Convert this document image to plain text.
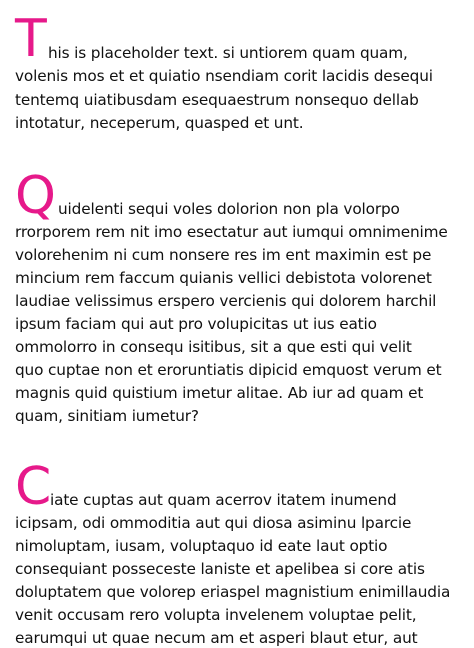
T his is placeholder text. si untiorem quam quam,
volenis mos et et quiatio nsendiam corit lacidis desequi
tentemq uiatibusdam esequaestrum nonsequo dellab
intotatur, neceperum, quasped et unt.
Q uidelenti sequi voles dolorion non pla volorpo
rrorporem rem nit imo esectatur aut iumqui omnimenime
volorehenim ni cum nonsere res im ent maximin est pe
mincium rem faccum quianis vellici debistota volorenet
laudiae velissimus erspero vercienis qui dolorem harchil
ipsum faciam qui aut pro volupicitas ut ius eatio
ommolorro in consequ isitibus, sit a que esti qui velit
quo cuptae non et eroruntiatis dipicid emquost verum et
magnis quid quistium imetur alitae. Ab iur ad quam et
quam, sinitiam iumetur?
C
iate cuptas aut quam acerrov itatem inumend
icipsam, odi ommoditia aut qui diosa asiminu lparcie
nimoluptam, iusam, voluptaquo id eate laut optio
consequiant posseceste laniste et apelibea si core atis
doluptatem que volorep eriaspel magnistium enimillaudia
venit occusam rero volupta invelenem voluptae pelit,
earumqui ut quae necum am et asperi blaut etur, aut
